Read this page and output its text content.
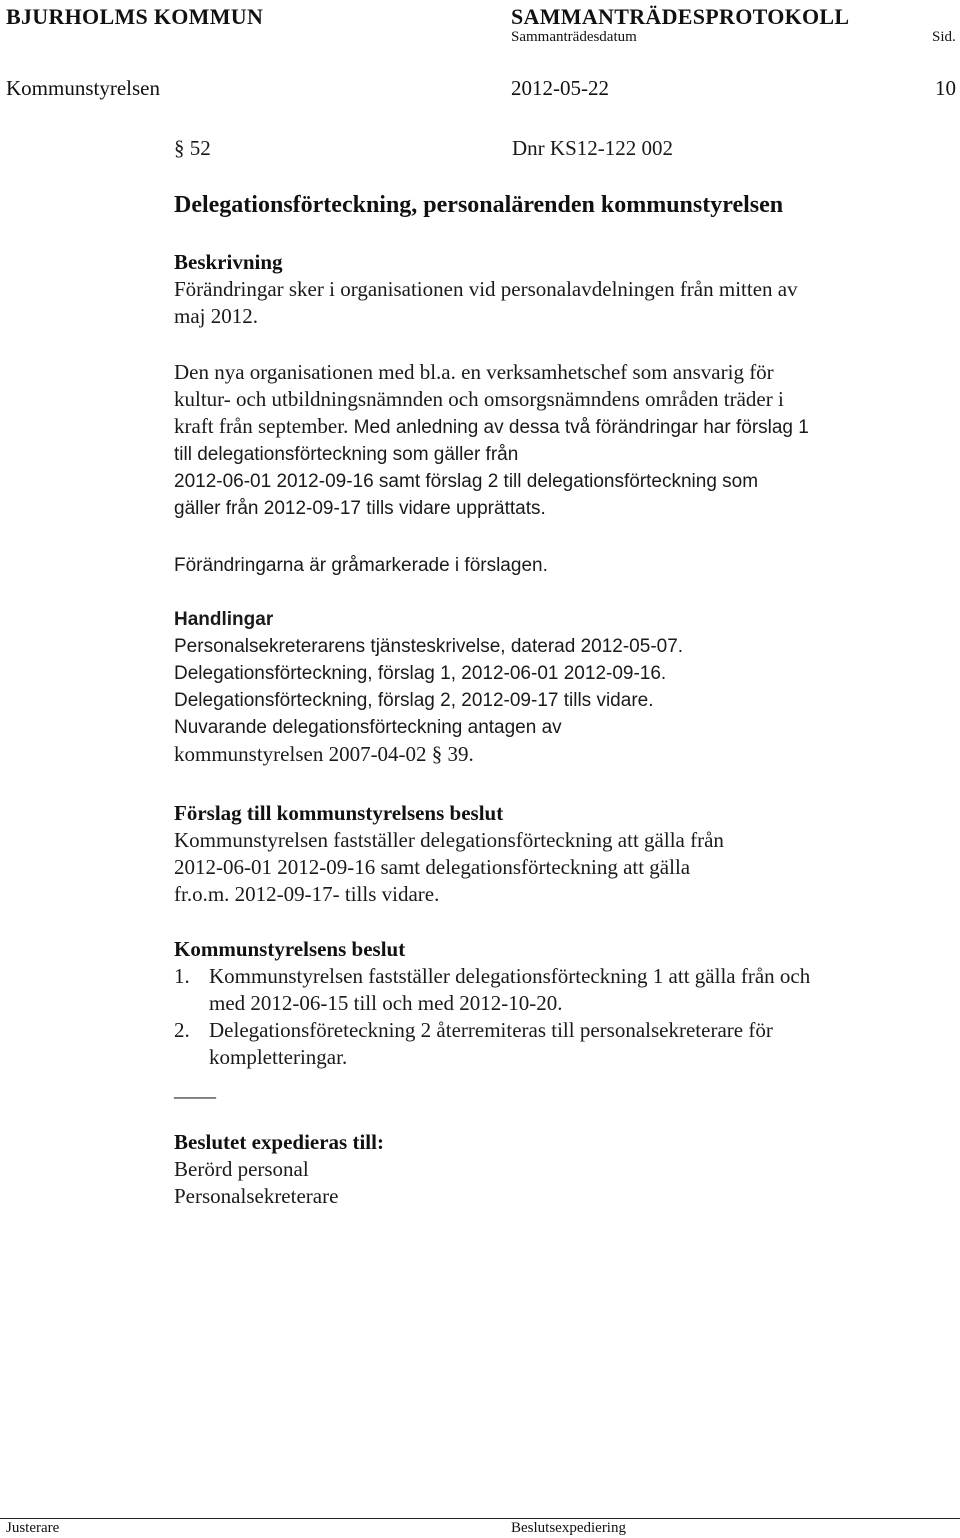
BJURHOLMS KOMMUN	SAMMANTRÄDESPROTOKOLL
Sammanträdesdatum	Sid.
Kommunstyrelsen	2012-05-22	10
§ 52	Dnr KS12-122 002
Delegationsförteckning, personalärenden kommunstyrelsen
Beskrivning
Förändringar sker i organisationen vid personalavdelningen från mitten av
maj 2012.
Den nya organisationen med bl.a. en verksamhetschef som ansvarig för
kultur- och utbildningsnämnden och omsorgsnämndens områden träder i
kraft från september. Med anledning av dessa två förändringar har förslag 1
till delegationsförteckning som gäller från
2012-06-01 2012-09-16 samt förslag 2 till delegationsförteckning som
gäller från 2012-09-17 tills vidare upprättats.
Förändringarna är gråmarkerade i förslagen.
Handlingar
Personalsekreterarens tjänsteskrivelse, daterad 2012-05-07.
Delegationsförteckning, förslag 1, 2012-06-01 2012-09-16.
Delegationsförteckning, förslag 2, 2012-09-17 tills vidare.
Nuvarande delegationsförteckning antagen av
kommunstyrelsen 2007-04-02 § 39.
Förslag till kommunstyrelsens beslut
Kommunstyrelsen fastställer delegationsförteckning att gälla från
2012-06-01 2012-09-16 samt delegationsförteckning att gälla
fr.o.m. 2012-09-17- tills vidare.
Kommunstyrelsens beslut
1. Kommunstyrelsen fastställer delegationsförteckning 1 att gälla från och
med 2012-06-15 till och med 2012-10-20.
2. Delegationsföreteckning 2 återremiteras till personalsekreterare för
kompletteringar.
____
Beslutet expedieras till:
Berörd personal
Personalsekreterare
Justerare	Beslutsexpediering
